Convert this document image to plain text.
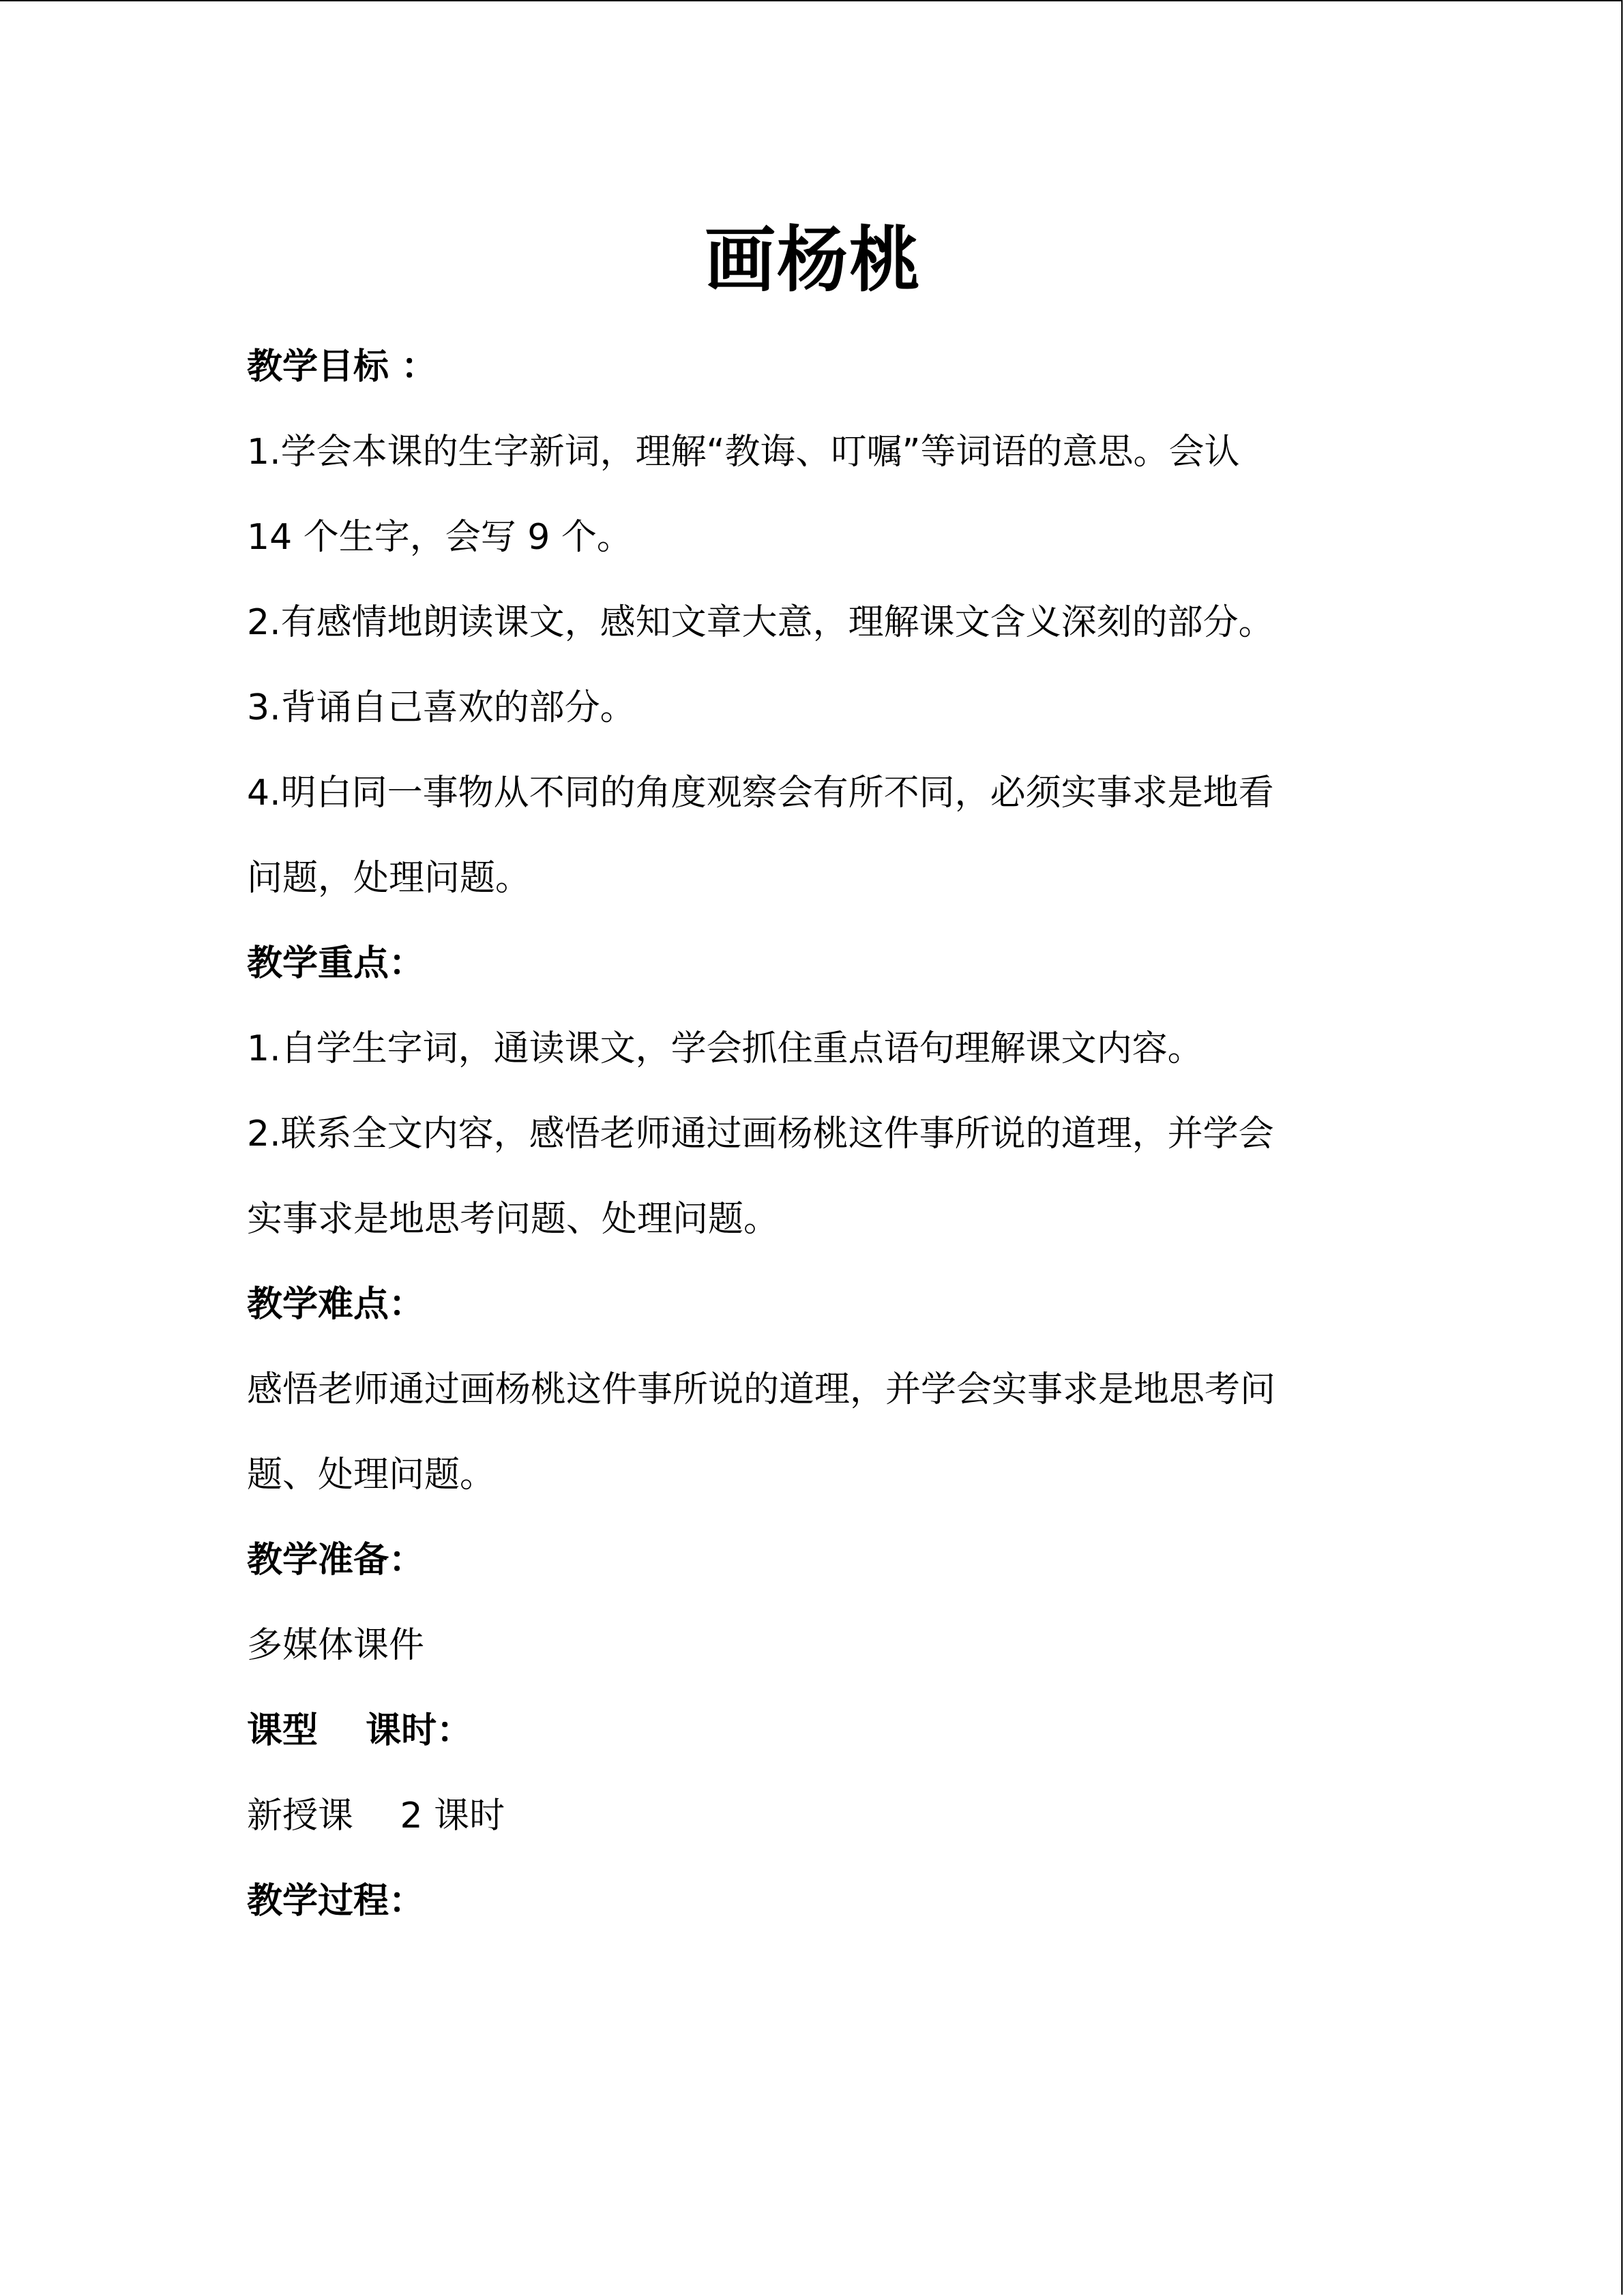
画杨桃
教学目标 ：
1.学会本课的生字新词，理解“教诲、叮嘱”等词语的意思。会认
14 个生字，会写 9 个。
2.有感情地朗读课文，感知文章大意，理解课文含义深刻的部分。
3.背诵自己喜欢的部分。
4.明白同一事物从不同的角度观察会有所不同，必须实事求是地看
问题，处理问题。
教学重点：
1.自学生字词，通读课文，学会抓住重点语句理解课文内容。
2.联系全文内容，感悟老师通过画杨桃这件事所说的道理，并学会
实事求是地思考问题、处理问题。
教学难点：
感悟老师通过画杨桃这件事所说的道理，并学会实事求是地思考问
题、处理问题。
教学准备：
多媒体课件
课型　 课时：
新授课　 2 课时
教学过程：
